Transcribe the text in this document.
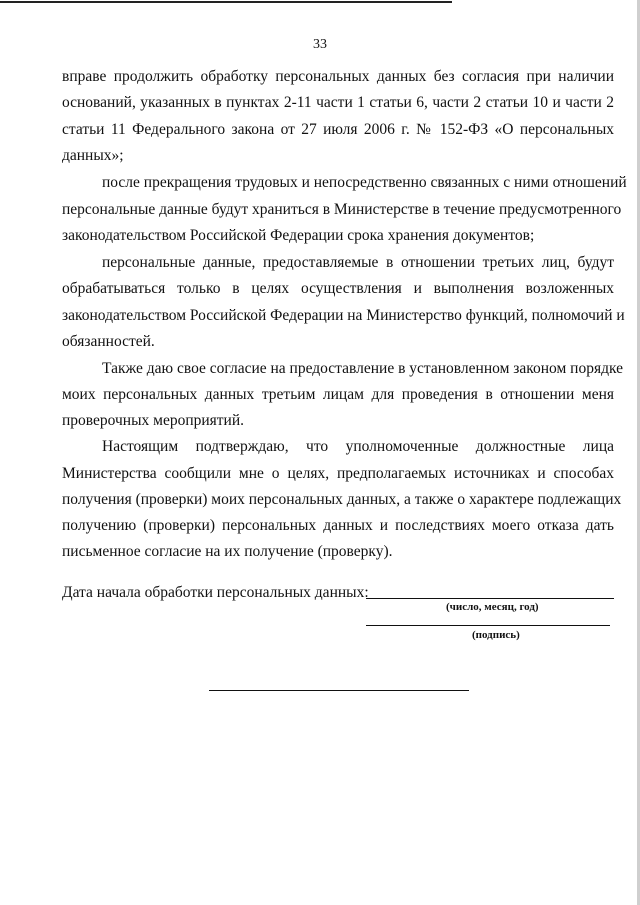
33
вправе продолжить обработку персональных данных без согласия при наличии
оснований, указанных в пунктах 2-11 части 1 статьи 6, части 2 статьи 10 и части 2
статьи 11 Федерального закона от 27 июля 2006 г. № 152-ФЗ «О персональных
данных»;
после прекращения трудовых и непосредственно связанных с ними отношений
персональные данные будут храниться в Министерстве в течение предусмотренного
законодательством Российской Федерации срока хранения документов;
персональные данные, предоставляемые в отношении третьих лиц, будут
обрабатываться только в целях осуществления и выполнения возложенных
законодательством Российской Федерации на Министерство функций, полномочий и
обязанностей.
Также даю свое согласие на предоставление в установленном законом порядке
моих персональных данных третьим лицам для проведения в отношении меня
проверочных мероприятий.
Настоящим подтверждаю, что уполномоченные должностные лица
Министерства сообщили мне о целях, предполагаемых источниках и способах
получения (проверки) моих персональных данных, а также о характере подлежащих
получению (проверки) персональных данных и последствиях моего отказа дать
письменное согласие на их получение (проверку).
Дата начала обработки персональных данных:
(число, месяц, год)
(подпись)
